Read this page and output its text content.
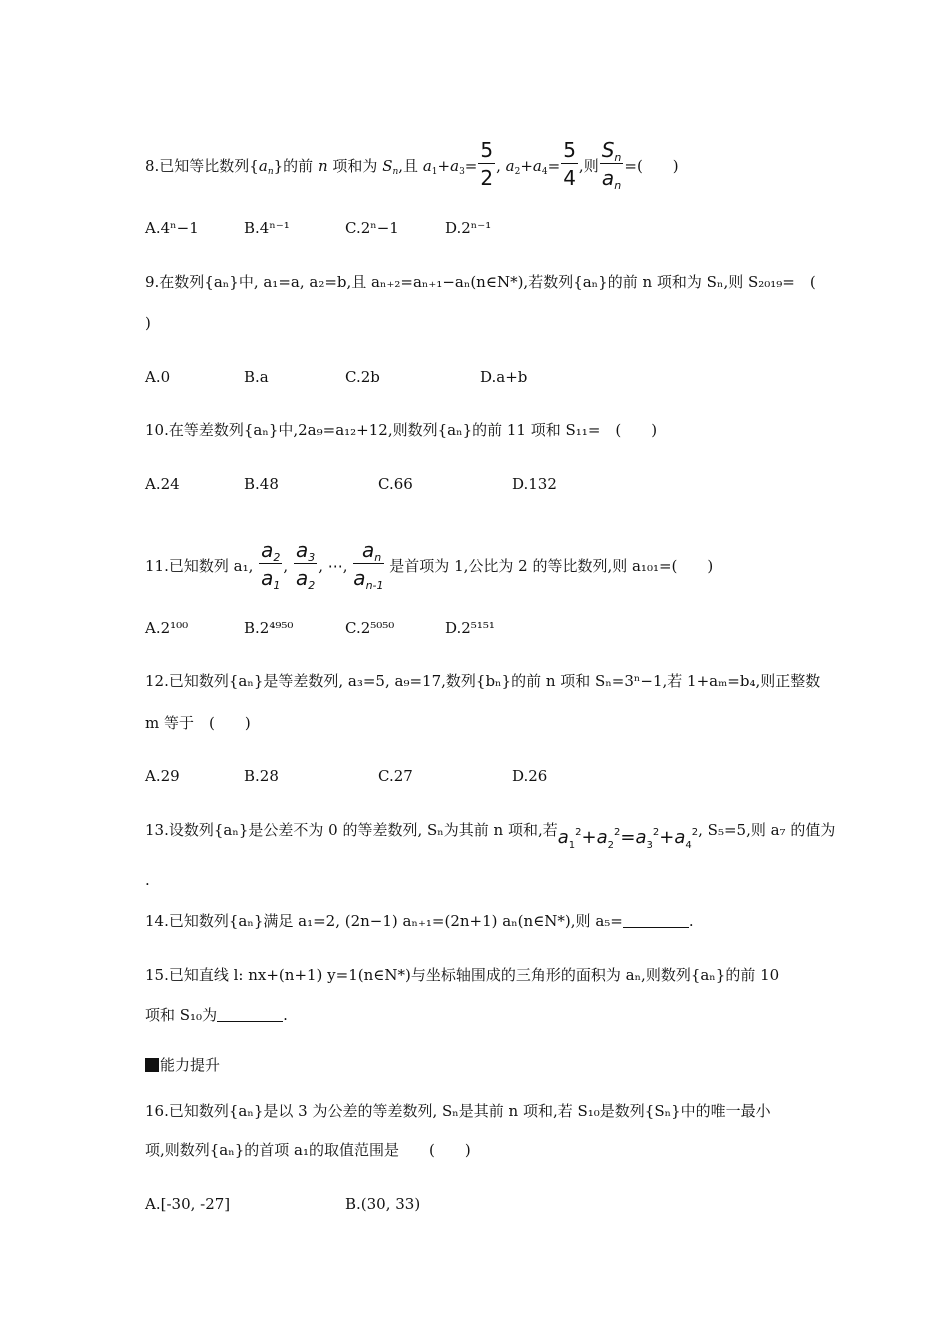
8.已知等比数列$\{a_n\}$的前 n 项和为 $S_n$,且 $a_1+a_3= \frac{5}{2}$ , $a_2+a_4= \frac{5}{4}$ ,则 $\frac{S_n}{a_n}$ =(　　)
A.4ⁿ−1	B.4ⁿ⁻¹	C.2ⁿ−1	D.2ⁿ⁻¹
9.在数列{aₙ}中, a₁=a, a₂=b,且 aₙ₊₂=aₙ₊₁−aₙ(n∈N*),若数列{aₙ}的前 n 项和为 Sₙ,则 S₂₀₁₉=　(
)
A.0	B.a	C.2b	D.a+b
10.在等差数列{aₙ}中,2a₉=a₁₂+12,则数列{aₙ}的前 11 项和 S₁₁=　(　　)
A.24	B.48	C.66	D.132
11.已知数列 a₁, $\frac{a_2}{a_1}$ , $\frac{a_3}{a_2}$ , ⋯, $\frac{a_n}{a_{n-1}}$ 是首项为 1,公比为 2 的等比数列,则 a₁₀₁=(　　)
A.2¹⁰⁰	B.2⁴⁹⁵⁰	C.2⁵⁰⁵⁰	D.2⁵¹⁵¹
12.已知数列{aₙ}是等差数列, a₃=5, a₉=17,数列{bₙ}的前 n 项和 Sₙ=3ⁿ−1,若 1+aₘ=b₄,则正整数
m 等于　(　　)
A.29	B.28	C.27	D.26
13.设数列{aₙ}是公差不为 0 的等差数列, Sₙ为其前 n 项和,若$a_1^2+a_2^2=a_3^2+a_4^2$, S₅=5,则 a₇ 的值为
.
14.已知数列{aₙ}满足 a₁=2, (2n−1) aₙ₊₁=(2n+1) aₙ(n∈N*),则 a₅=	.
15.已知直线 l: nx+(n+1) y=1(n∈N*)与坐标轴围成的三角形的面积为 aₙ,则数列{aₙ}的前 10
项和 S₁₀为	.
能力提升
16.已知数列{aₙ}是以 3 为公差的等差数列, Sₙ是其前 n 项和,若 S₁₀是数列{Sₙ}中的唯一最小
项,则数列{aₙ}的首项 a₁的取值范围是　　(　　)
A.[-30, -27]	B.(30, 33)
